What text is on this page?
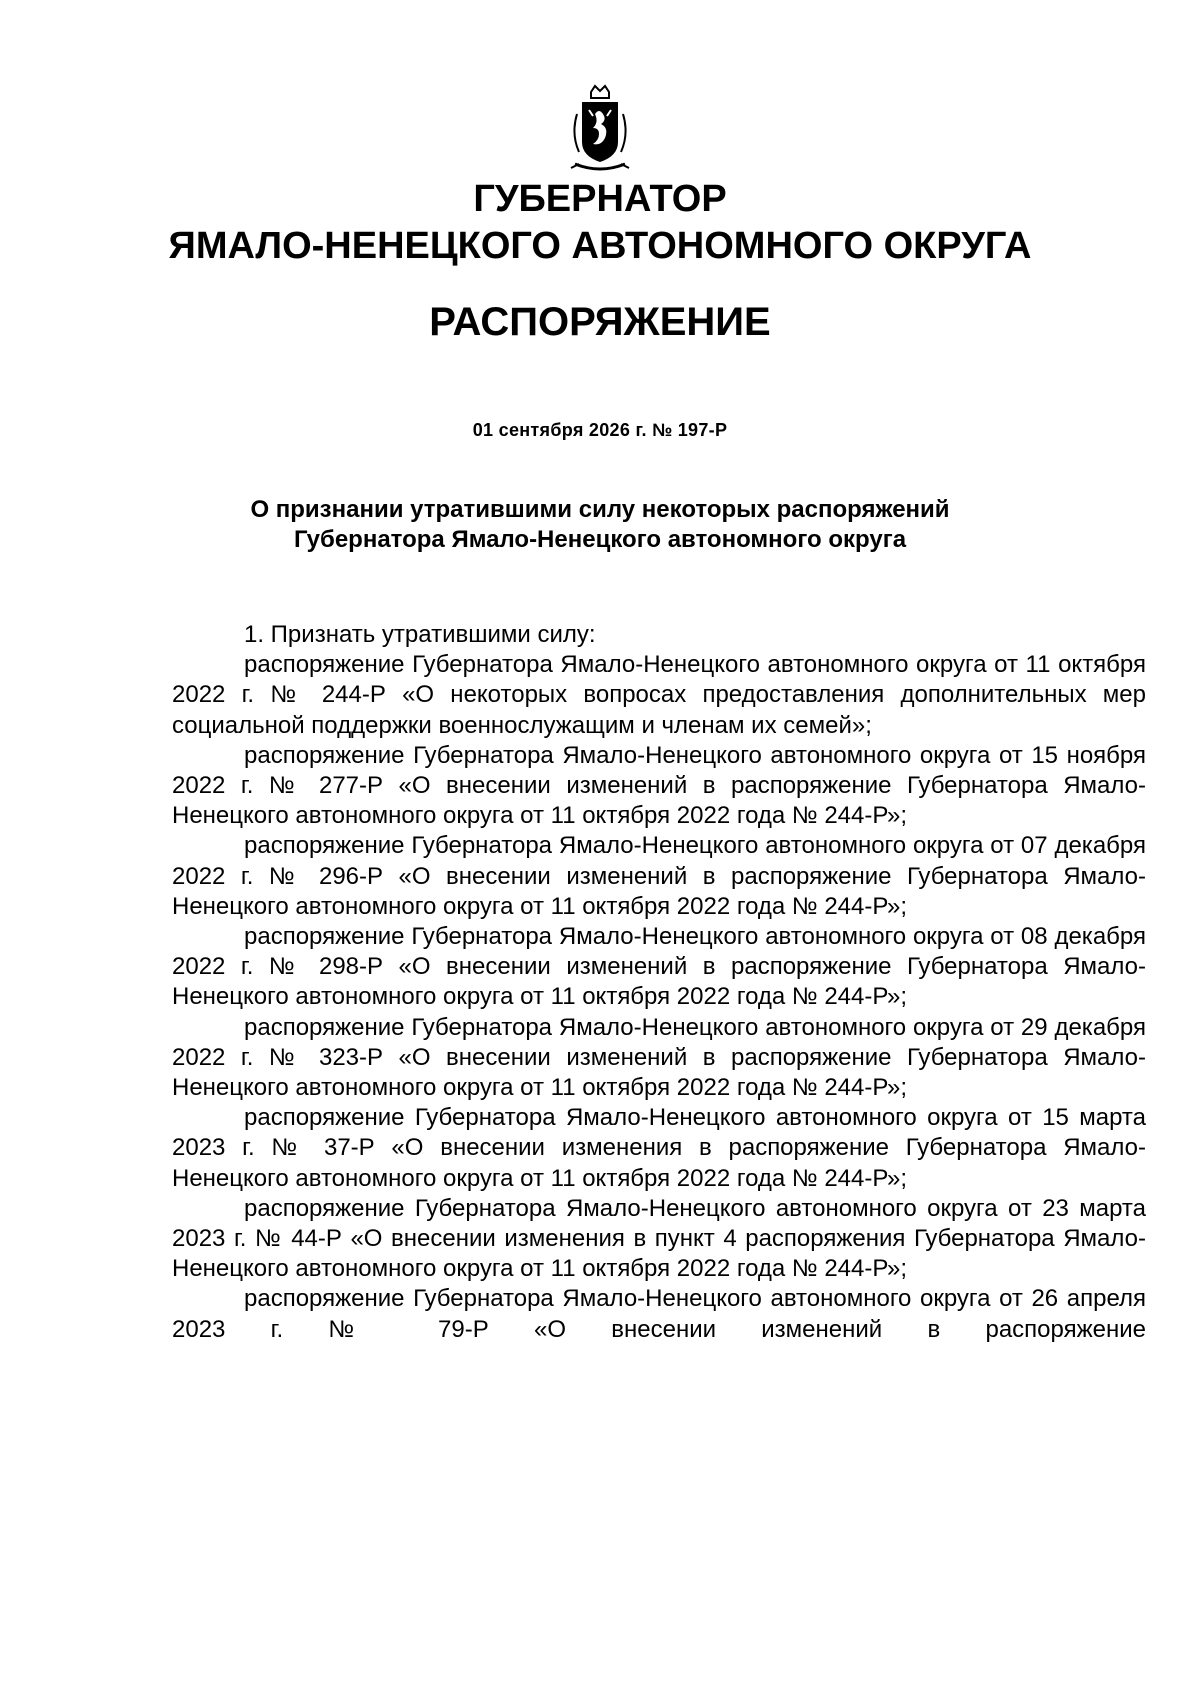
ГУБЕРНАТОР

ЯМАЛО-НЕНЕЦКОГО АВТОНОМНОГО ОКРУГА

РАСПОРЯЖЕНИЕ

01 сентября 2026 г. № 197-Р
О признании утратившими силу некоторых распоряжений
Губернатора Ямало-Ненецкого автономного округа

1. Признать утратившими силу:

распоряжение Губернатора Ямало-Ненецкого автономного округа от 11 октября 2022 г. № 244-Р «О некоторых вопросах предоставления дополнительных мер социальной поддержки военнослужащим и членам их семей»;

распоряжение Губернатора Ямало-Ненецкого автономного округа от 15 ноября 2022 г. № 277-Р «О внесении изменений в распоряжение Губернатора Ямало-Ненецкого автономного округа от 11 октября 2022 года № 244-Р»;

распоряжение Губернатора Ямало-Ненецкого автономного округа от 07 декабря 2022 г. № 296-Р «О внесении изменений в распоряжение Губернатора Ямало-Ненецкого автономного округа от 11 октября 2022 года № 244-Р»;

распоряжение Губернатора Ямало-Ненецкого автономного округа от 08 декабря 2022 г. № 298-Р «О внесении изменений в распоряжение Губернатора Ямало-Ненецкого автономного округа от 11 октября 2022 года № 244-Р»;

распоряжение Губернатора Ямало-Ненецкого автономного округа от 29 декабря 2022 г. № 323-Р «О внесении изменений в распоряжение Губернатора Ямало-Ненецкого автономного округа от 11 октября 2022 года № 244-Р»;

распоряжение Губернатора Ямало-Ненецкого автономного округа от 15 марта 2023 г. № 37-Р «О внесении изменения в распоряжение Губернатора Ямало-Ненецкого автономного округа от 11 октября 2022 года № 244-Р»;

распоряжение Губернатора Ямало-Ненецкого автономного округа от 23 марта 2023 г. № 44-Р «О внесении изменения в пункт 4 распоряжения Губернатора Ямало-Ненецкого автономного округа от 11 октября 2022 года № 244-Р»;

распоряжение Губернатора Ямало-Ненецкого автономного округа от 26 апреля 2023 г. № 79-Р «О внесении изменений в распоряжение
